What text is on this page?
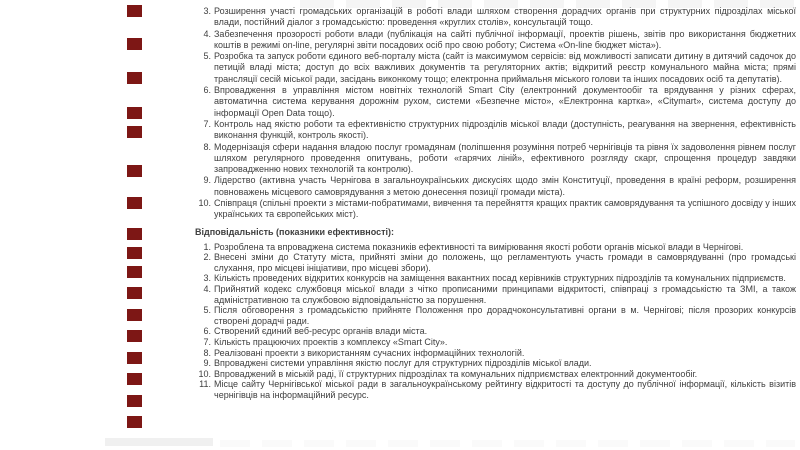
3. Розширення участі громадських організацій в роботі влади шляхом створення дорадчих органів при структурних підрозділах міської влади, постійний діалог з громадськістю: проведення «круглих столів», консультацій тощо.
4. Забезпечення прозорості роботи влади (публікація на сайті публічної інформації, проектів рішень, звітів про використання бюджетних коштів в режимі on-line, регулярні звіти посадових осіб про свою роботу; Система «On-line бюджет міста»).
5. Розробка та запуск роботи єдиного веб-порталу міста (сайт із максимумом сервісів: від можливості записати дитину в дитячий садочок до петицій владі міста; доступ до всіх важливих документів та регуляторних актів; відкритий реєстр комунального майна міста; прямі трансляції сесій міської ради, засідань виконкому тощо; електронна приймальня міського голови та інших посадових осіб та депутатів).
6. Впровадження в управління містом новітніх технологій Smart City (електронний документообіг та врядування у різних сферах, автоматична система керування дорожнім рухом, системи «Безпечне місто», «Електронна картка», «Citymart», система доступу до інформації Open Data тощо).
7. Контроль над якістю роботи та ефективністю структурних підрозділів міської влади (доступність, реагування на звернення, ефективність виконання функцій, контроль якості).
8. Модернізація сфери надання владою послуг громадянам (поліпшення розуміння потреб чернігівців та рівня їх задоволення рівнем послуг шляхом регулярного проведення опитувань, роботи «гарячих ліній», ефективного розгляду скарг, спрощення процедур завдяки запровадженню нових технологій та контролю).
9. Лідерство (активна участь Чернігова в загальноукраїнських дискусіях щодо змін Конституції, проведення в країні реформ, розширення повноважень місцевого самоврядування з метою донесення позиції громади міста).
10. Співпраця (спільні проекти з містами-побратимами, вивчення та перейняття кращих практик самоврядування та успішного досвіду у інших українських та європейських міст).
Відповідальність (показники ефективності):
1. Розроблена та впроваджена система показників ефективності та вимірювання якості роботи органів міської влади в Чернігові.
2. Внесені зміни до Статуту міста, прийняті зміни до положень, що регламентують участь громади в самоврядуванні (про громадські слухання, про місцеві ініціативи, про місцеві збори).
3. Кількість проведених відкритих конкурсів на заміщення вакантних посад керівників структурних підрозділів та комунальних підприємств.
4. Прийнятий кодекс службовця міської влади з чітко прописаними принципами відкритості, співпраці з громадськістю та ЗМІ, а також адміністративною та службовою відповідальністю за порушення.
5. Після обговорення з громадськістю прийняте Положення про дорадчоконсультативні органи в м. Чернігові; після прозорих конкурсів створені дорадчі ради.
6. Створений єдиний веб-ресурс органів влади міста.
7. Кількість працюючих проектів з комплексу «Smart City».
8. Реалізовані проекти з використанням сучасних інформаційних технологій.
9. Впроваджені системи управління якістю послуг для структурних підрозділів міської влади.
10. Впроваджений в міській раді, її структурних підрозділах та комунальних підприємствах електронний документообіг.
11. Місце сайту Чернігівської міської ради в загальноукраїнському рейтингу відкритості та доступу до публічної інформації, кількість візитів чернігівців на інформаційний ресурс.
